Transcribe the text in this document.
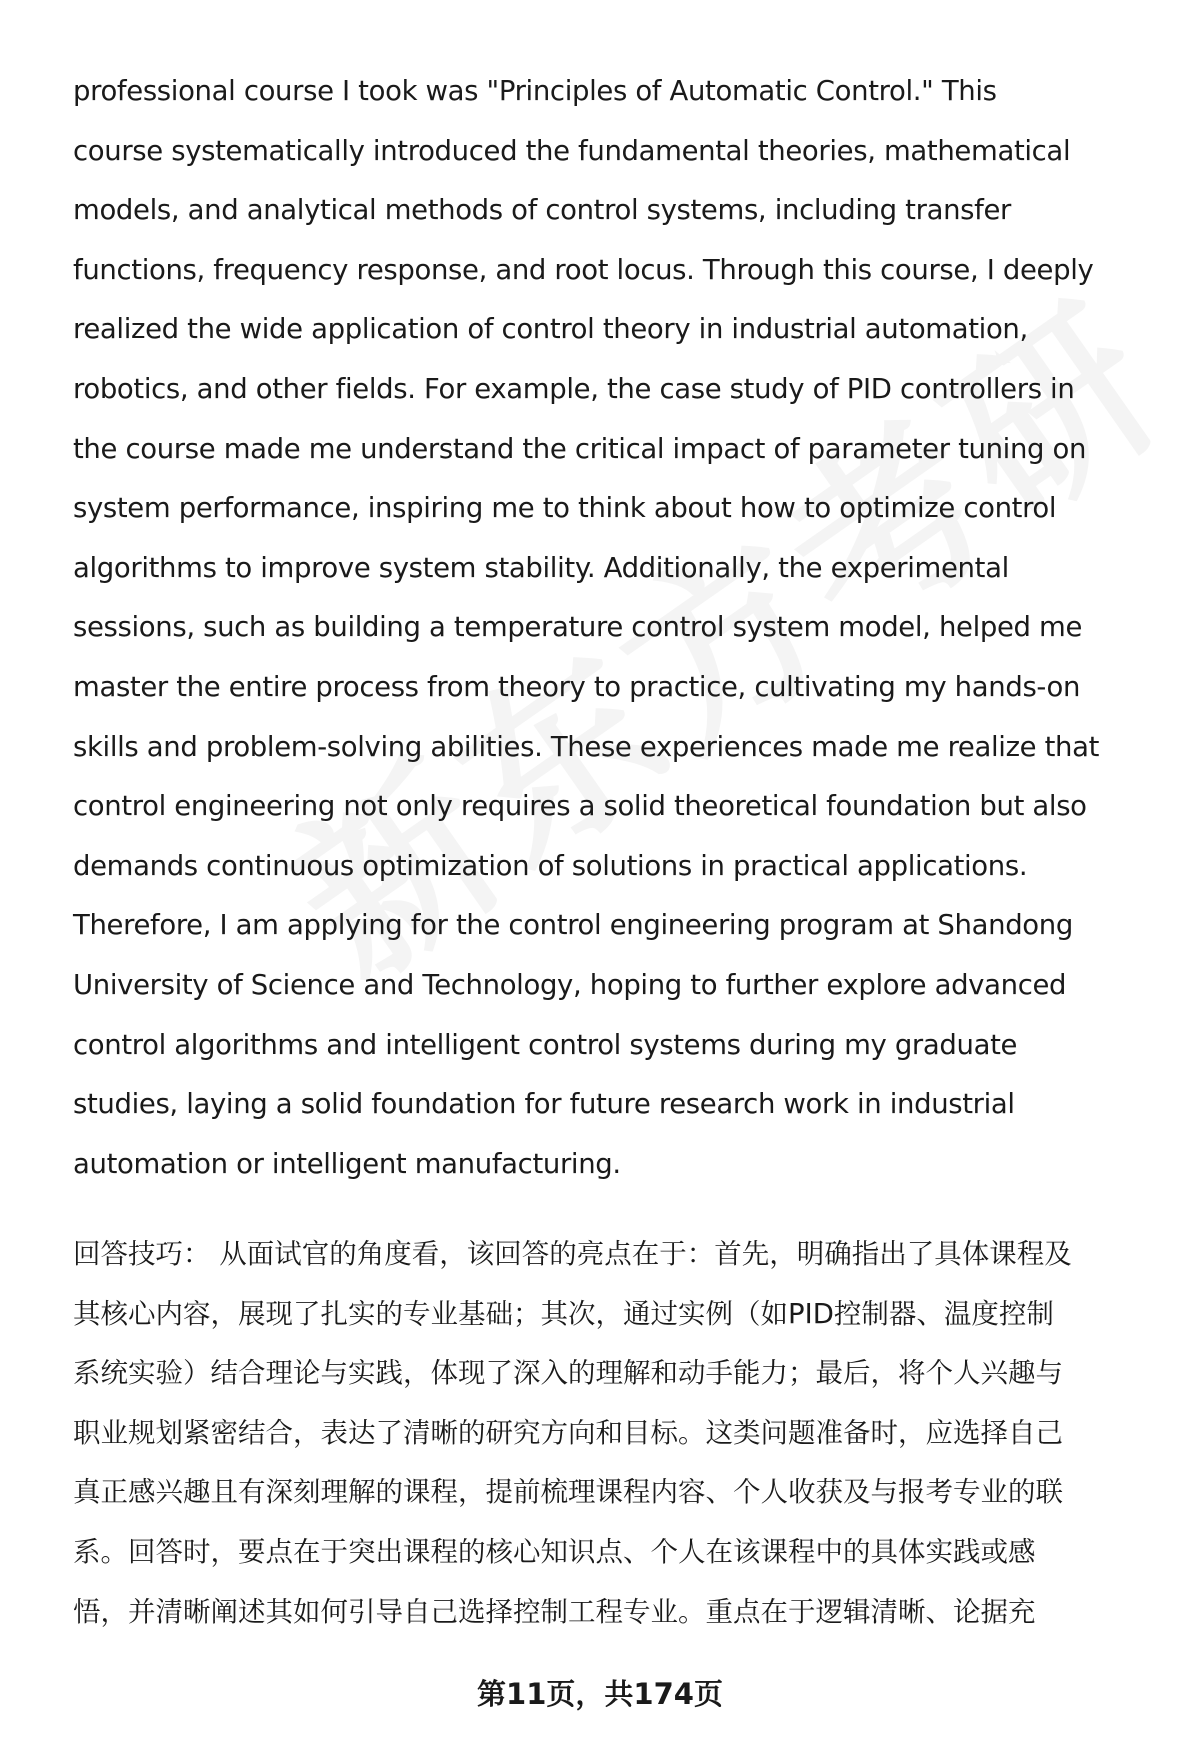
professional course I took was "Principles of Automatic Control." This
course systematically introduced the fundamental theories, mathematical
models, and analytical methods of control systems, including transfer
functions, frequency response, and root locus. Through this course, I deeply
realized the wide application of control theory in industrial automation,
robotics, and other fields. For example, the case study of PID controllers in
the course made me understand the critical impact of parameter tuning on
system performance, inspiring me to think about how to optimize control
algorithms to improve system stability. Additionally, the experimental
sessions, such as building a temperature control system model, helped me
master the entire process from theory to practice, cultivating my hands-on
skills and problem-solving abilities. These experiences made me realize that
control engineering not only requires a solid theoretical foundation but also
demands continuous optimization of solutions in practical applications.
Therefore, I am applying for the control engineering program at Shandong
University of Science and Technology, hoping to further explore advanced
control algorithms and intelligent control systems during my graduate
studies, laying a solid foundation for future research work in industrial
automation or intelligent manufacturing.
回答技巧： 从面试官的角度看，该回答的亮点在于：首先，明确指出了具体课程及
其核心内容，展现了扎实的专业基础；其次，通过实例（如PID控制器、温度控制
系统实验）结合理论与实践，体现了深入的理解和动手能力；最后，将个人兴趣与
职业规划紧密结合，表达了清晰的研究方向和目标。这类问题准备时，应选择自己
真正感兴趣且有深刻理解的课程，提前梳理课程内容、个人收获及与报考专业的联
系。回答时，要点在于突出课程的核心知识点、个人在该课程中的具体实践或感
悟，并清晰阐述其如何引导自己选择控制工程专业。重点在于逻辑清晰、论据充
第11页，共174页
